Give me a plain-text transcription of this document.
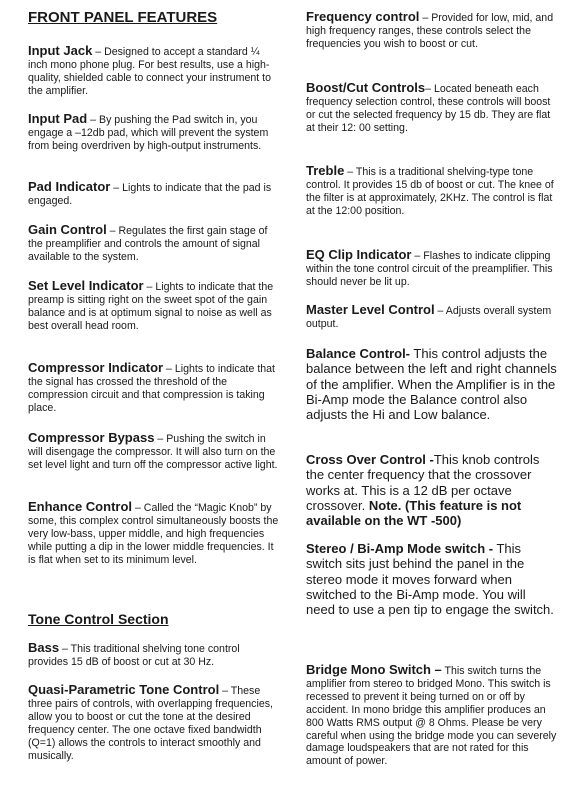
FRONT PANEL FEATURES

Input Jack – Designed to accept a standard ¼ inch mono phone plug. For best results, use a high-quality, shielded cable to connect your instrument to the amplifier.

Input Pad – By pushing the Pad switch in, you engage a –12db pad, which will prevent the system from being overdriven by high-output instruments.

Pad Indicator – Lights to indicate that the pad is engaged.

Gain Control – Regulates the first gain stage of the preamplifier and controls the amount of signal available to the system.

Set Level Indicator – Lights to indicate that the preamp is sitting right on the sweet spot of the gain balance and is at optimum signal to noise as well as best overall head room.

Compressor Indicator – Lights to indicate that the signal has crossed the threshold of the compression circuit and that compression is taking place.

Compressor Bypass – Pushing the switch in will disengage the compressor. It will also turn on the set level light and turn off the compressor active light.

Enhance Control – Called the “Magic Knob” by some, this complex control simultaneously boosts the very low-bass, upper middle, and high frequencies while putting a dip in the lower middle frequencies. It is flat when set to its minimum level.

Tone Control Section

Bass – This traditional shelving tone control provides 15 dB of boost or cut at 30 Hz.

Quasi-Parametric Tone Control – These three pairs of controls, with overlapping frequencies, allow you to boost or cut the tone at the desired frequency center. The one octave fixed bandwidth (Q=1) allows the controls to interact smoothly and musically.

Frequency control – Provided for low, mid, and high frequency ranges, these controls select the frequencies you wish to boost or cut.

Boost/Cut Controls– Located beneath each frequency selection control, these controls will boost or cut the selected frequency by 15 db. They are flat at their 12: 00 setting.

Treble – This is a traditional shelving-type tone control. It provides 15 db of boost or cut. The knee of the filter is at approximately, 2KHz. The control is flat at the 12:00 position.

EQ Clip Indicator – Flashes to indicate clipping within the tone control circuit of the preamplifier. This should never be lit up.

Master Level Control – Adjusts overall system output.

Balance Control- This control adjusts the balance between the left and right channels of the amplifier. When the Amplifier is in the Bi-Amp mode the Balance control also adjusts the Hi and Low balance.

Cross Over Control -This knob controls the center frequency that the crossover works at. This is a 12 dB per octave crossover. Note. (This feature is not available on the WT -500)

Stereo / Bi-Amp Mode switch - This switch sits just behind the panel in the stereo mode it moves forward when switched to the Bi-Amp mode. You will need to use a pen tip to engage the switch.

Bridge Mono Switch – This switch turns the amplifier from stereo to bridged Mono. This switch is recessed to prevent it being turned on or off by accident. In mono bridge this amplifier produces an 800 Watts RMS output @ 8 Ohms. Please be very careful when using the bridge mode you can severely damage loudspeakers that are not rated for this amount of power.
